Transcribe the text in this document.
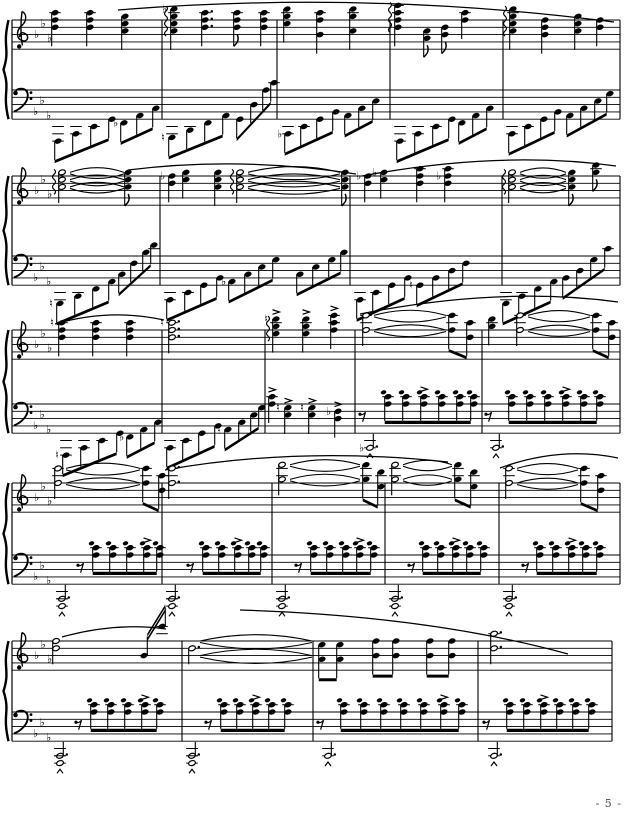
♭
♭
♭
♭
♭
♭
♭
♭
♮	♭
♭
♭
♭
♭
♭
♭
♭	♭ ♭	♭
♮
♭	♮
♭
♭
♭
♭
♭
♭
♮	♮	♮
♮
♭
♮
♮ ♮ ♭
♭
♭
♭
♭
♭
♭
♭
♭
♭
♭
♭
♭
♭
- 5 -
